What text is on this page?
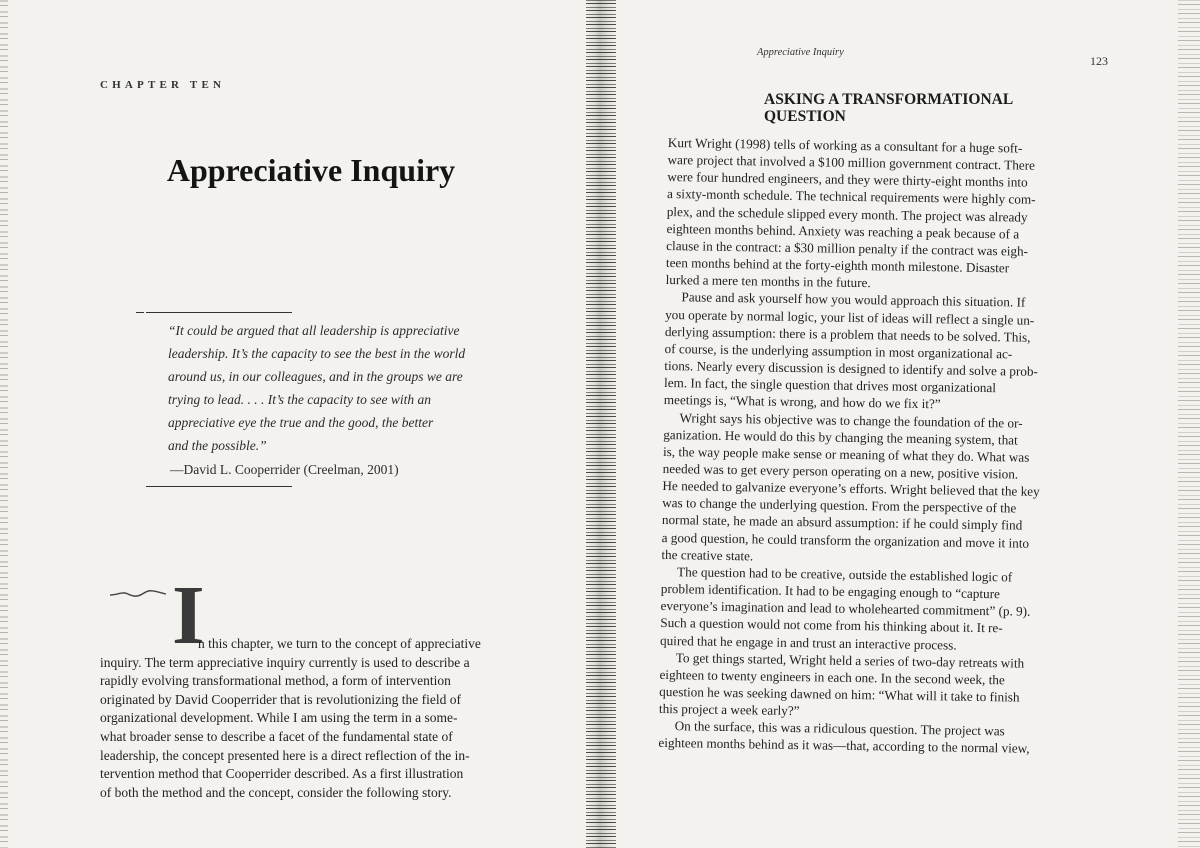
CHAPTER TEN
Appreciative Inquiry

“It could be argued that all leadership is appreciative
leadership. It’s the capacity to see the best in the world
around us, in our colleagues, and in the groups we are
trying to lead. . . . It’s the capacity to see with an
appreciative eye the true and the good, the better
and the possible.”

—David L. Cooperrider (Creelman, 2001)
I

n this chapter, we turn to the concept of appreciative
inquiry. The term appreciative inquiry currently is used to describe a
rapidly evolving transformational method, a form of intervention
originated by David Cooperrider that is revolutionizing the field of
organizational development. While I am using the term in a some-
what broader sense to describe a facet of the fundamental state of
leadership, the concept presented here is a direct reflection of the in-
tervention method that Cooperrider described. As a first illustration
of both the method and the concept, consider the following story.

Appreciative Inquiry
123
ASKING A TRANSFORMATIONAL
QUESTION
Kurt Wright (1998) tells of working as a consultant for a huge soft-
ware project that involved a $100 million government contract. There
were four hundred engineers, and they were thirty-eight months into
a sixty-month schedule. The technical requirements were highly com-
plex, and the schedule slipped every month. The project was already
eighteen months behind. Anxiety was reaching a peak because of a
clause in the contract: a $30 million penalty if the contract was eigh-
teen months behind at the forty-eighth month milestone. Disaster
lurked a mere ten months in the future.
Pause and ask yourself how you would approach this situation. If
you operate by normal logic, your list of ideas will reflect a single un-
derlying assumption: there is a problem that needs to be solved. This,
of course, is the underlying assumption in most organizational ac-
tions. Nearly every discussion is designed to identify and solve a prob-
lem. In fact, the single question that drives most organizational
meetings is, “What is wrong, and how do we fix it?”
Wright says his objective was to change the foundation of the or-
ganization. He would do this by changing the meaning system, that
is, the way people make sense or meaning of what they do. What was
needed was to get every person operating on a new, positive vision.
He needed to galvanize everyone’s efforts. Wright believed that the key
was to change the underlying question. From the perspective of the
normal state, he made an absurd assumption: if he could simply find
a good question, he could transform the organization and move it into
the creative state.
The question had to be creative, outside the established logic of
problem identification. It had to be engaging enough to “capture
everyone’s imagination and lead to wholehearted commitment” (p. 9).
Such a question would not come from his thinking about it. It re-
quired that he engage in and trust an interactive process.
To get things started, Wright held a series of two-day retreats with
eighteen to twenty engineers in each one. In the second week, the
question he was seeking dawned on him: “What will it take to finish
this project a week early?”
On the surface, this was a ridiculous question. The project was
eighteen months behind as it was—that, according to the normal view,
